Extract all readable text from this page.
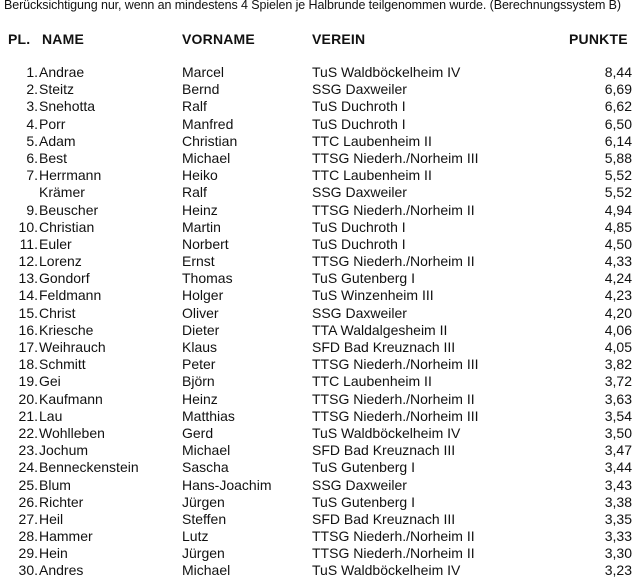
Berücksichtigung nur, wenn an mindestens 4 Spielen je Halbrunde teilgenommen wurde. (Berechnungssystem B)
PL. NAME	VORNAME	VEREIN	PUNKTE
1. Andrae	Marcel	TuS Waldböckelheim IV	8,44
2. Steitz	Bernd	SSG Daxweiler	6,69
3. Snehotta	Ralf	TuS Duchroth I	6,62
4. Porr	Manfred	TuS Duchroth I	6,50
5. Adam	Christian	TTC Laubenheim II	6,14
6. Best	Michael	TTSG Niederh./Norheim III	5,88
7. Herrmann	Heiko	TTC Laubenheim II	5,52
Krämer	Ralf	SSG Daxweiler	5,52
9. Beuscher	Heinz	TTSG Niederh./Norheim II	4,94
10. Christian	Martin	TuS Duchroth I	4,85
11. Euler	Norbert	TuS Duchroth I	4,50
12. Lorenz	Ernst	TTSG Niederh./Norheim II	4,33
13. Gondorf	Thomas	TuS Gutenberg I	4,24
14. Feldmann	Holger	TuS Winzenheim III	4,23
15. Christ	Oliver	SSG Daxweiler	4,20
16. Kriesche	Dieter	TTA Waldalgesheim II	4,06
17. Weihrauch	Klaus	SFD Bad Kreuznach III	4,05
18. Schmitt	Peter	TTSG Niederh./Norheim III	3,82
19. Gei	Björn	TTC Laubenheim II	3,72
20. Kaufmann	Heinz	TTSG Niederh./Norheim II	3,63
21. Lau	Matthias	TTSG Niederh./Norheim III	3,54
22. Wohlleben	Gerd	TuS Waldböckelheim IV	3,50
23. Jochum	Michael	SFD Bad Kreuznach III	3,47
24. Benneckenstein	Sascha	TuS Gutenberg I	3,44
25. Blum	Hans-Joachim	SSG Daxweiler	3,43
26. Richter	Jürgen	TuS Gutenberg I	3,38
27. Heil	Steffen	SFD Bad Kreuznach III	3,35
28. Hammer	Lutz	TTSG Niederh./Norheim II	3,33
29. Hein	Jürgen	TTSG Niederh./Norheim II	3,30
30. Andres	Michael	TuS Waldböckelheim IV	3,23
